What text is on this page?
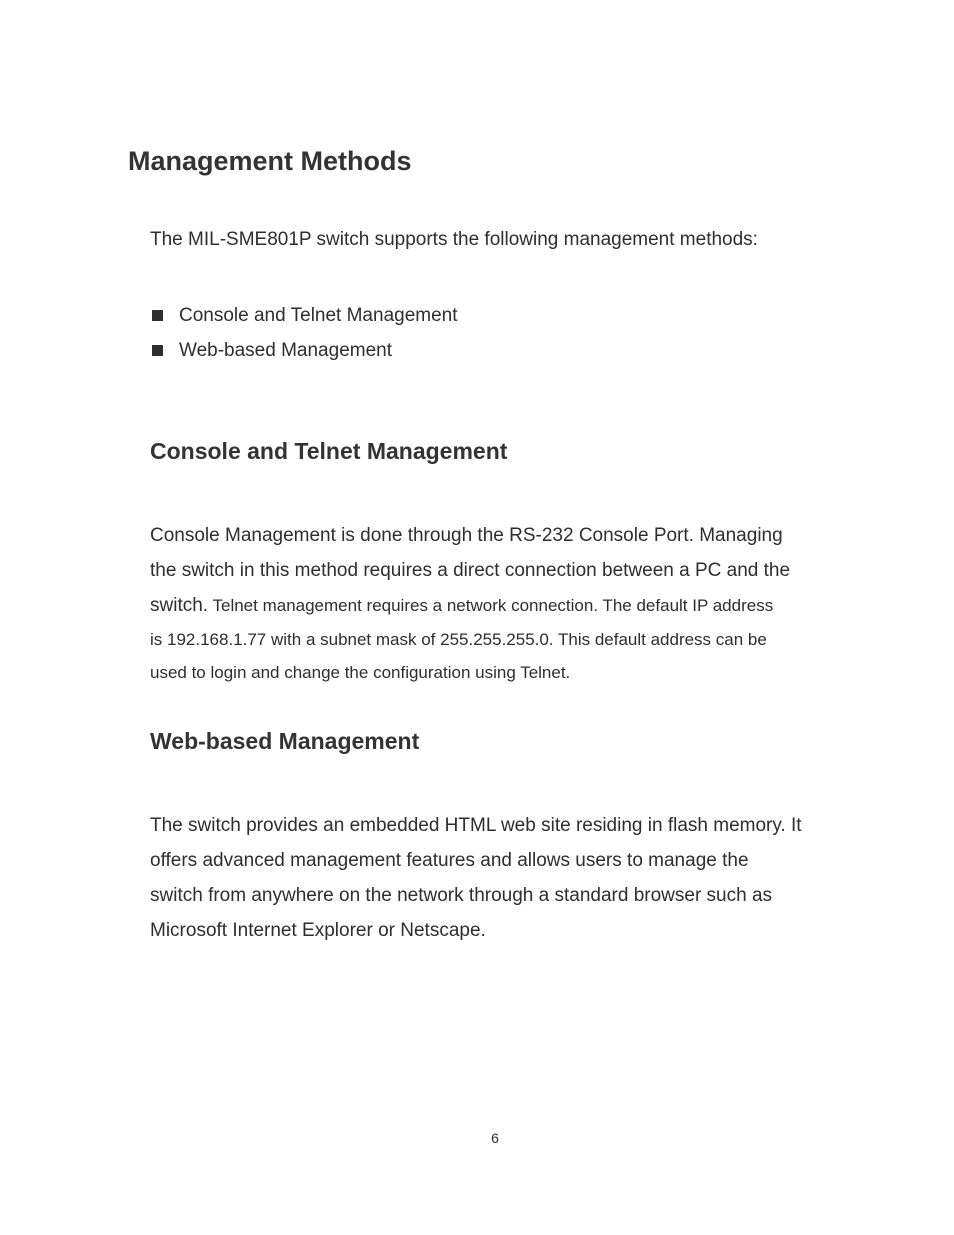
Management Methods

The MIL-SME801P switch supports the following management methods:

Console and Telnet Management
Web-based Management
Console and Telnet Management
Console Management is done through the RS-232 Console Port. Managing
the switch in this method requires a direct connection between a PC and the
switch. Telnet management requires a network connection. The default IP address
is 192.168.1.77 with a subnet mask of 255.255.255.0. This default address can be
used to login and change the configuration using Telnet.
Web-based Management
The switch provides an embedded HTML web site residing in flash memory. It
offers advanced management features and allows users to manage the
switch from anywhere on the network through a standard browser such as
Microsoft Internet Explorer or Netscape.
6
